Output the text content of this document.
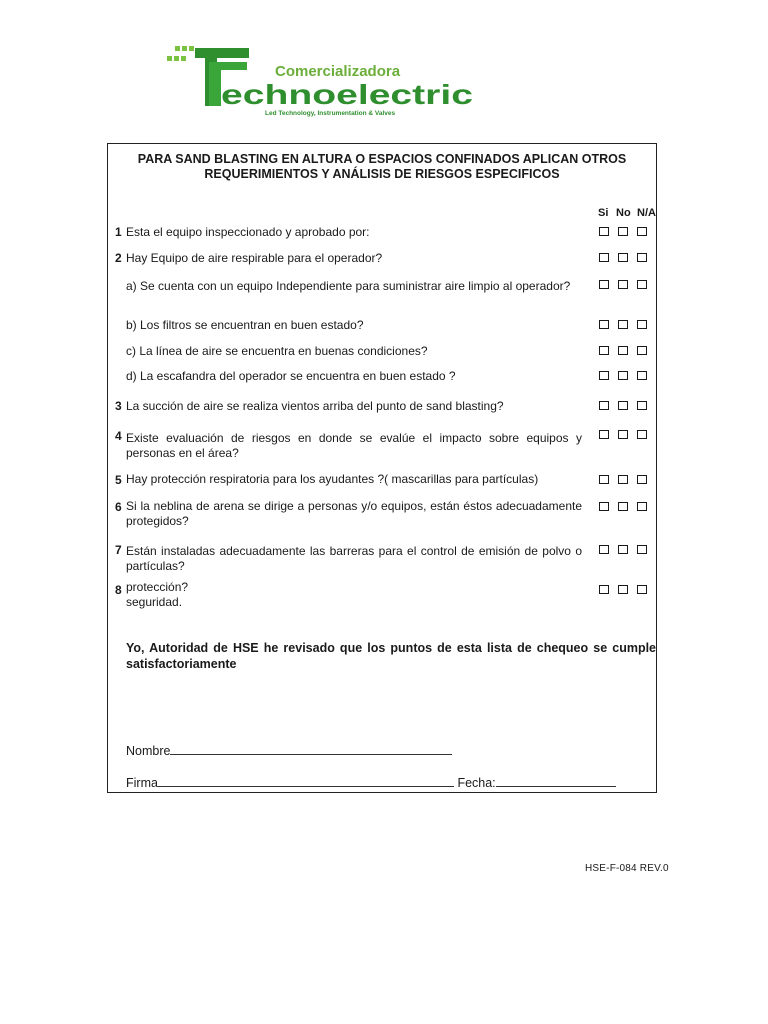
Comercializadora
echnoelectric
Led Technology, Instrumentation & Valves
PARA SAND BLASTING EN ALTURA O ESPACIOS CONFINADOS APLICAN OTROS
REQUERIMIENTOS Y ANÁLISIS DE RIESGOS ESPECIFICOS
Si No N/A
1 Esta el equipo inspeccionado y aprobado por:
2 Hay Equipo de aire respirable para el operador?
a) Se cuenta con un equipo Independiente para suministrar aire limpio al operador?
b) Los filtros se encuentran en buen estado?
c) La línea de aire se encuentra en buenas condiciones?
d) La escafandra del operador se encuentra en buen estado ?
3 La succión de aire se realiza vientos arriba del punto de sand blasting?
4 Existe evaluación de riesgos en donde se evalúe el impacto sobre equipos y personas en el área?
5 Hay protección respiratoria para los ayudantes ?( mascarillas para partículas)
6 Si la neblina de arena se dirige a personas y/o equipos, están éstos adecuadamente protegidos?
7 Están instaladas adecuadamente las barreras para el control de emisión de polvo o partículas?
8 protección?
seguridad.
Yo, Autoridad de HSE he revisado que los puntos de esta lista de chequeo se cumple satisfactoriamente
Nombre
Firma	Fecha:
HSE-F-084 REV.0
